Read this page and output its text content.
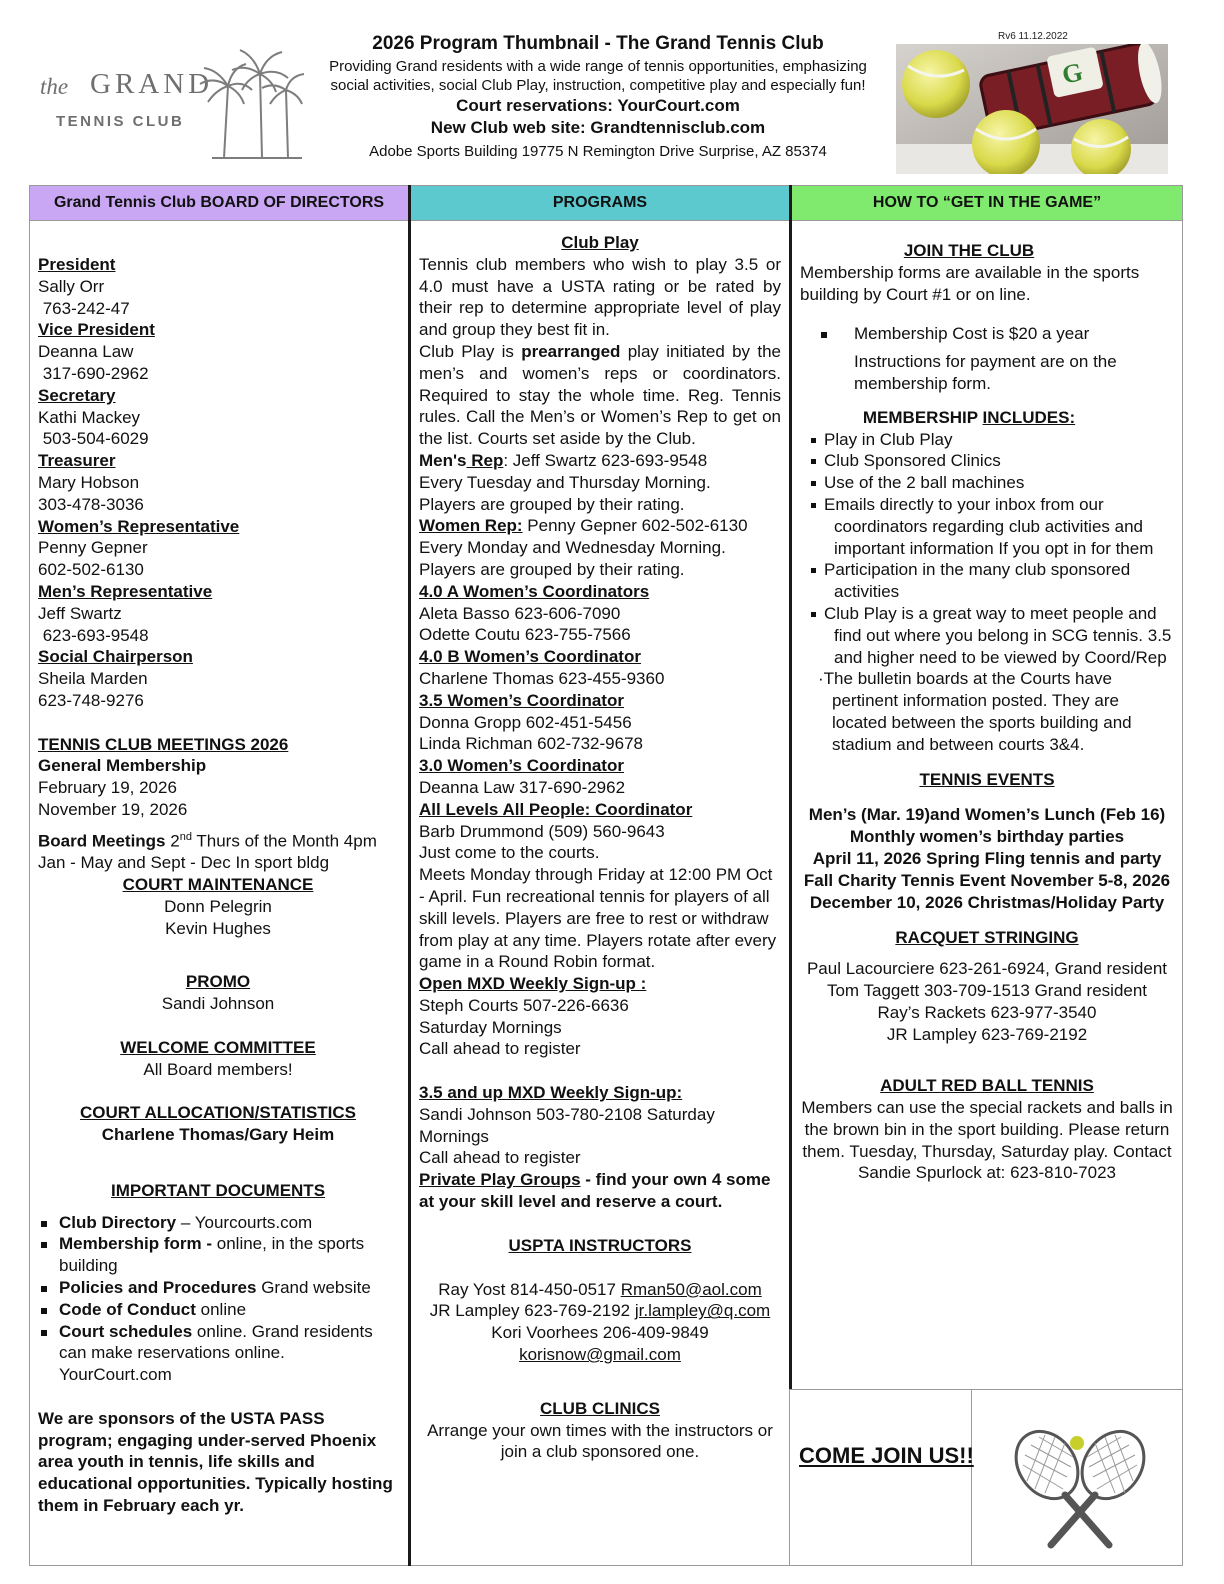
the GRAND
TENNIS CLUB
2026 Program Thumbnail - The Grand Tennis Club
Providing Grand residents with a wide range of tennis opportunities, emphasizing
social activities, social Club Play, instruction, competitive play and especially fun!
Court reservations: YourCourt.com
New Club web site: Grandtennisclub.com
Adobe Sports Building 19775 N Remington Drive Surprise, AZ 85374
Rv6 11.12.2022
G
Grand Tennis Club BOARD OF DIRECTORS	PROGRAMS	HOW TO “GET IN THE GAME”

President

Sally Orr

763-242-47

Vice President

Deanna Law

317-690-2962

Secretary

Kathi Mackey

503-504-6029

Treasurer

Mary Hobson

303-478-3036

Women’s Representative

Penny Gepner

602-502-6130

Men’s Representative

Jeff Swartz

623-693-9548

Social Chairperson

Sheila Marden

623-748-9276

TENNIS CLUB MEETINGS 2026

General Membership

February 19, 2026

November 19, 2026

Board Meetings 2nd Thurs of the Month 4pm

Jan - May and Sept - Dec In sport bldg

COURT MAINTENANCE

Donn Pelegrin

Kevin Hughes

PROMO

Sandi Johnson

WELCOME COMMITTEE

All Board members!

COURT ALLOCATION/STATISTICS

Charlene Thomas/Gary Heim

IMPORTANT DOCUMENTS

Club Directory – Yourcourts.com
Membership form - online, in the sports building
Policies and Procedures Grand website
Code of Conduct online
Court schedules online. Grand residents can make reservations online. YourCourt.com

We are sponsors of the USTA PASS program; engaging under-served Phoenix area youth in tennis, life skills and educational opportunities. Typically hosting them in February each yr.

Club Play

Tennis club members who wish to play 3.5 or 4.0 must have a USTA rating or be rated by their rep to determine appropriate level of play and group they best fit in.

Club Play is prearranged play initiated by the men’s and women’s reps or coordinators. Required to stay the whole time. Reg. Tennis rules. Call the Men’s or Women’s Rep to get on the list. Courts set aside by the Club.

Men's Rep: Jeff Swartz 623-693-9548

Every Tuesday and Thursday Morning.

Players are grouped by their rating.

Women Rep: Penny Gepner 602-502-6130

Every Monday and Wednesday Morning. Players are grouped by their rating.

4.0 A Women’s Coordinators

Aleta Basso 623-606-7090

Odette Coutu 623-755-7566

4.0 B Women’s Coordinator

Charlene Thomas 623-455-9360

3.5 Women’s Coordinator

Donna Gropp 602-451-5456

Linda Richman 602-732-9678

3.0 Women’s Coordinator

Deanna Law 317-690-2962

All Levels All People: Coordinator

Barb Drummond (509) 560-9643

Just come to the courts.

Meets Monday through Friday at 12:00 PM Oct - April. Fun recreational tennis for players of all skill levels. Players are free to rest or withdraw from play at any time. Players rotate after every game in a Round Robin format.

Open MXD Weekly Sign-up :

Steph Courts 507-226-6636

Saturday Mornings

Call ahead to register

3.5 and up MXD Weekly Sign-up:

Sandi Johnson 503-780-2108 Saturday Mornings

Call ahead to register

Private Play Groups - find your own 4 some at your skill level and reserve a court.

USPTA INSTRUCTORS

Ray Yost 814-450-0517 Rman50@aol.com

JR Lampley 623-769-2192 jr.lampley@q.com

Kori Voorhees 206-409-9849

korisnow@gmail.com

CLUB CLINICS

Arrange your own times with the instructors or join a club sponsored one.

JOIN THE CLUB

Membership forms are available in the sports building by Court #1 or on line.

Membership Cost is $20 a year

Instructions for payment are on the membership form.

MEMBERSHIP INCLUDES:

Play in Club Play
Club Sponsored Clinics
Use of the 2 ball machines
Emails directly to your inbox from our coordinators regarding club activities and important information If you opt in for them
Participation in the many club sponsored activities
Club Play is a great way to meet people and find out where you belong in SCG tennis. 3.5 and higher need to be viewed by Coord/Rep

·The bulletin boards at the Courts have pertinent information posted. They are located between the sports building and stadium and between courts 3&4.

TENNIS EVENTS

Men’s (Mar. 19)and Women’s Lunch (Feb 16)

Monthly women’s birthday parties

April 11, 2026 Spring Fling tennis and party

Fall Charity Tennis Event November 5-8, 2026

December 10, 2026 Christmas/Holiday Party

RACQUET STRINGING

Paul Lacourciere 623-261-6924, Grand resident

Tom Taggett 303-709-1513 Grand resident

Ray’s Rackets 623-977-3540

JR Lampley 623-769-2192

ADULT RED BALL TENNIS

Members can use the special rackets and balls in the brown bin in the sport building. Please return them. Tuesday, Thursday, Saturday play. Contact Sandie Spurlock at: 623-810-7023

COME JOIN US!!
